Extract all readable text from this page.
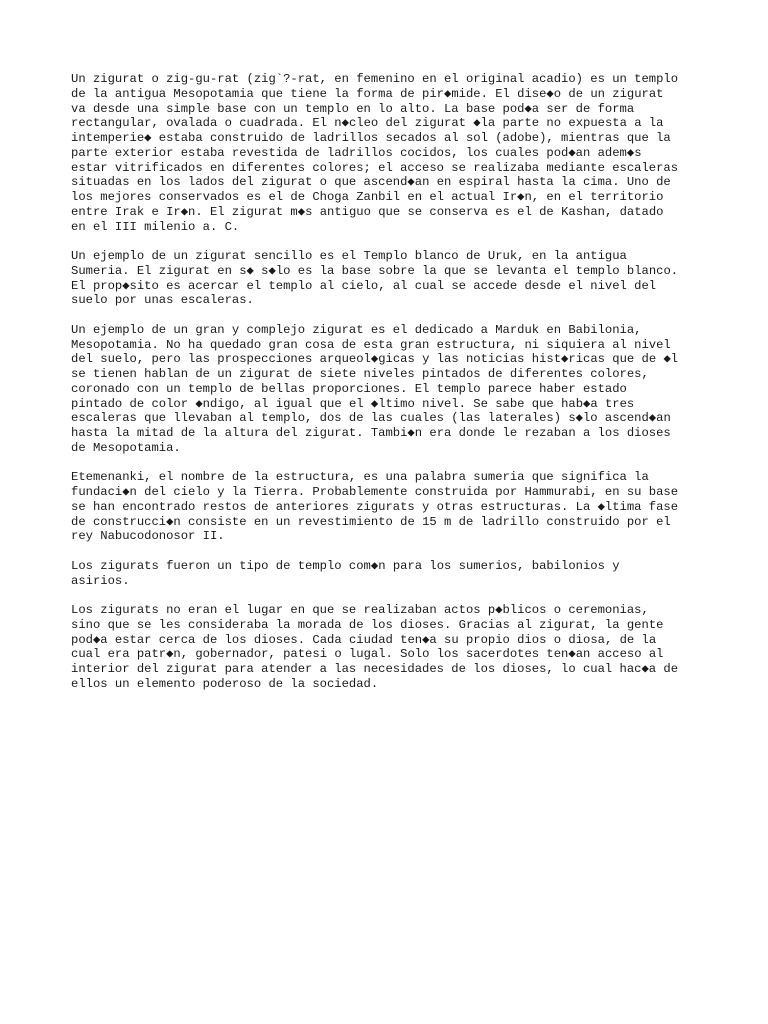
Un zigurat o zig-gu-rat (zig`?-rat, en femenino en el original acadio) es un templo
de la antigua Mesopotamia que tiene la forma de pir◆mide. El dise◆o de un zigurat
va desde una simple base con un templo en lo alto. La base pod◆a ser de forma
rectangular, ovalada o cuadrada. El n◆cleo del zigurat ◆la parte no expuesta a la
intemperie◆ estaba construido de ladrillos secados al sol (adobe), mientras que la
parte exterior estaba revestida de ladrillos cocidos, los cuales pod◆an adem◆s
estar vitrificados en diferentes colores; el acceso se realizaba mediante escaleras
situadas en los lados del zigurat o que ascend◆an en espiral hasta la cima. Uno de
los mejores conservados es el de Choga Zanbil en el actual Ir◆n, en el territorio
entre Irak e Ir◆n. El zigurat m◆s antiguo que se conserva es el de Kashan, datado
en el III milenio a. C.

Un ejemplo de un zigurat sencillo es el Templo blanco de Uruk, en la antigua
Sumeria. El zigurat en s◆ s◆lo es la base sobre la que se levanta el templo blanco.
El prop◆sito es acercar el templo al cielo, al cual se accede desde el nivel del
suelo por unas escaleras.

Un ejemplo de un gran y complejo zigurat es el dedicado a Marduk en Babilonia,
Mesopotamia. No ha quedado gran cosa de esta gran estructura, ni siquiera al nivel
del suelo, pero las prospecciones arqueol◆gicas y las noticias hist◆ricas que de ◆l
se tienen hablan de un zigurat de siete niveles pintados de diferentes colores,
coronado con un templo de bellas proporciones. El templo parece haber estado
pintado de color ◆ndigo, al igual que el ◆ltimo nivel. Se sabe que hab◆a tres
escaleras que llevaban al templo, dos de las cuales (las laterales) s◆lo ascend◆an
hasta la mitad de la altura del zigurat. Tambi◆n era donde le rezaban a los dioses
de Mesopotamia.

Etemenanki, el nombre de la estructura, es una palabra sumeria que significa la
fundaci◆n del cielo y la Tierra. Probablemente construida por Hammurabi, en su base
se han encontrado restos de anteriores zigurats y otras estructuras. La ◆ltima fase
de construcci◆n consiste en un revestimiento de 15 m de ladrillo construido por el
rey Nabucodonosor II.

Los zigurats fueron un tipo de templo com◆n para los sumerios, babilonios y
asirios.

Los zigurats no eran el lugar en que se realizaban actos p◆blicos o ceremonias,
sino que se les consideraba la morada de los dioses. Gracias al zigurat, la gente
pod◆a estar cerca de los dioses. Cada ciudad ten◆a su propio dios o diosa, de la
cual era patr◆n, gobernador, patesi o lugal. Solo los sacerdotes ten◆an acceso al
interior del zigurat para atender a las necesidades de los dioses, lo cual hac◆a de
ellos un elemento poderoso de la sociedad.
